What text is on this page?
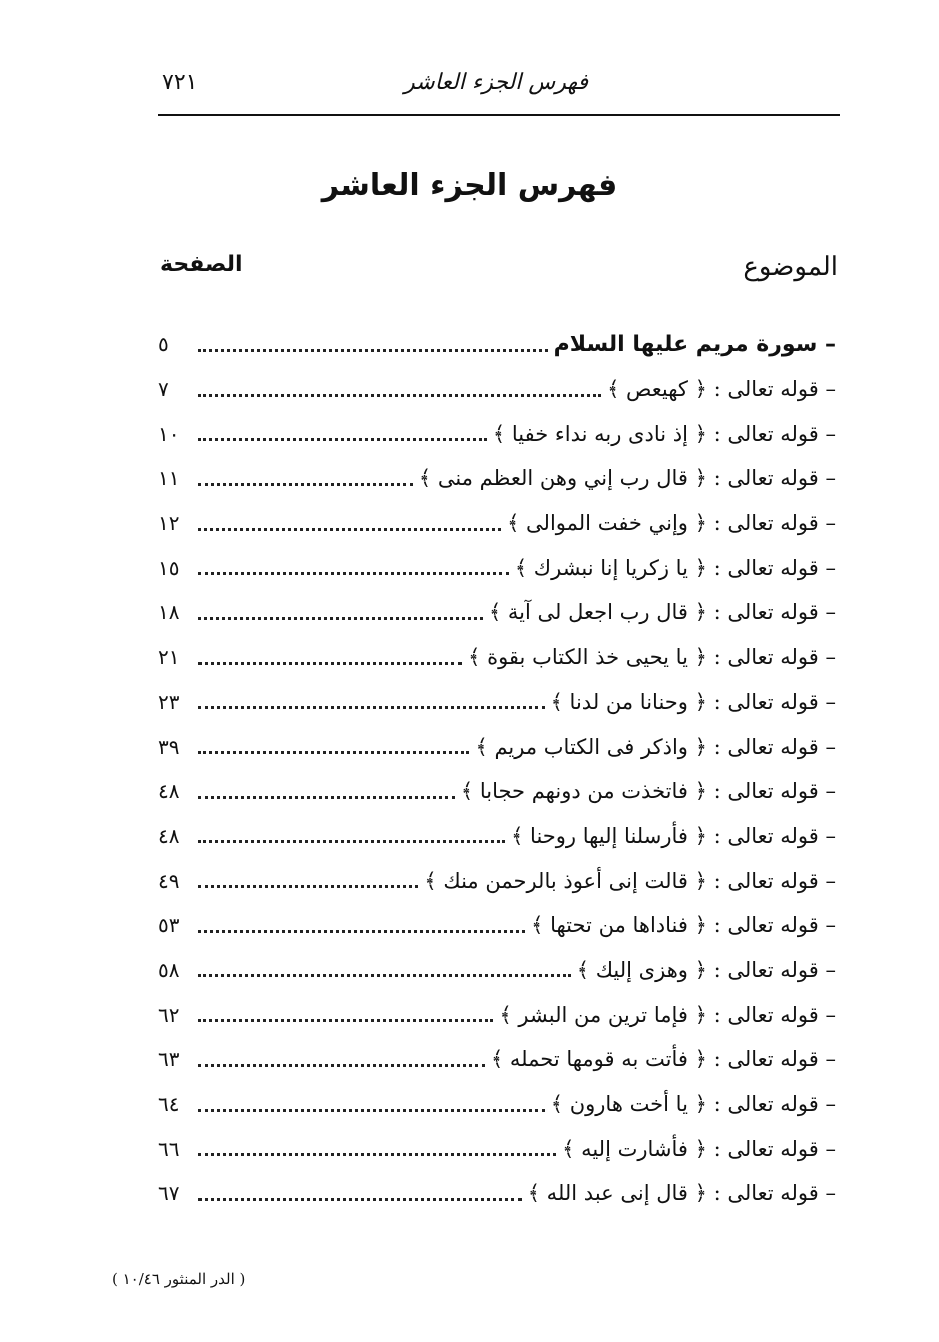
فهرس الجزء العاشر
٧٢١
فهرس الجزء العاشر
الموضوع
الصفحة
– سورة مريم عليها السلام
٥
– قوله تعالى : ﴿ كهيعص ﴾
٧
– قوله تعالى : ﴿ إذ نادى ربه نداء خفيا ﴾
١٠
– قوله تعالى : ﴿ قال رب إني وهن العظم منى ﴾
١١
– قوله تعالى : ﴿ وإني خفت الموالى ﴾
١٢
– قوله تعالى : ﴿ يا زكريا إنا نبشرك ﴾
١٥
– قوله تعالى : ﴿ قال رب اجعل لى آية ﴾
١٨
– قوله تعالى : ﴿ يا يحيى خذ الكتاب بقوة ﴾
٢١
– قوله تعالى : ﴿ وحنانا من لدنا ﴾
٢٣
– قوله تعالى : ﴿ واذكر فى الكتاب مريم ﴾
٣٩
– قوله تعالى : ﴿ فاتخذت من دونهم حجابا ﴾
٤٨
– قوله تعالى : ﴿ فأرسلنا إليها روحنا ﴾
٤٨
– قوله تعالى : ﴿ قالت إنى أعوذ بالرحمن منك ﴾
٤٩
– قوله تعالى : ﴿ فناداها من تحتها ﴾
٥٣
– قوله تعالى : ﴿ وهزى إليك ﴾
٥٨
– قوله تعالى : ﴿ فإما ترين من البشر ﴾
٦٢
– قوله تعالى : ﴿ فأتت به قومها تحمله ﴾
٦٣
– قوله تعالى : ﴿ يا أخت هارون ﴾
٦٤
– قوله تعالى : ﴿ فأشارت إليه ﴾
٦٦
– قوله تعالى : ﴿ قال إنى عبد الله ﴾
٦٧
( الدر المنثور ١٠/٤٦ )
